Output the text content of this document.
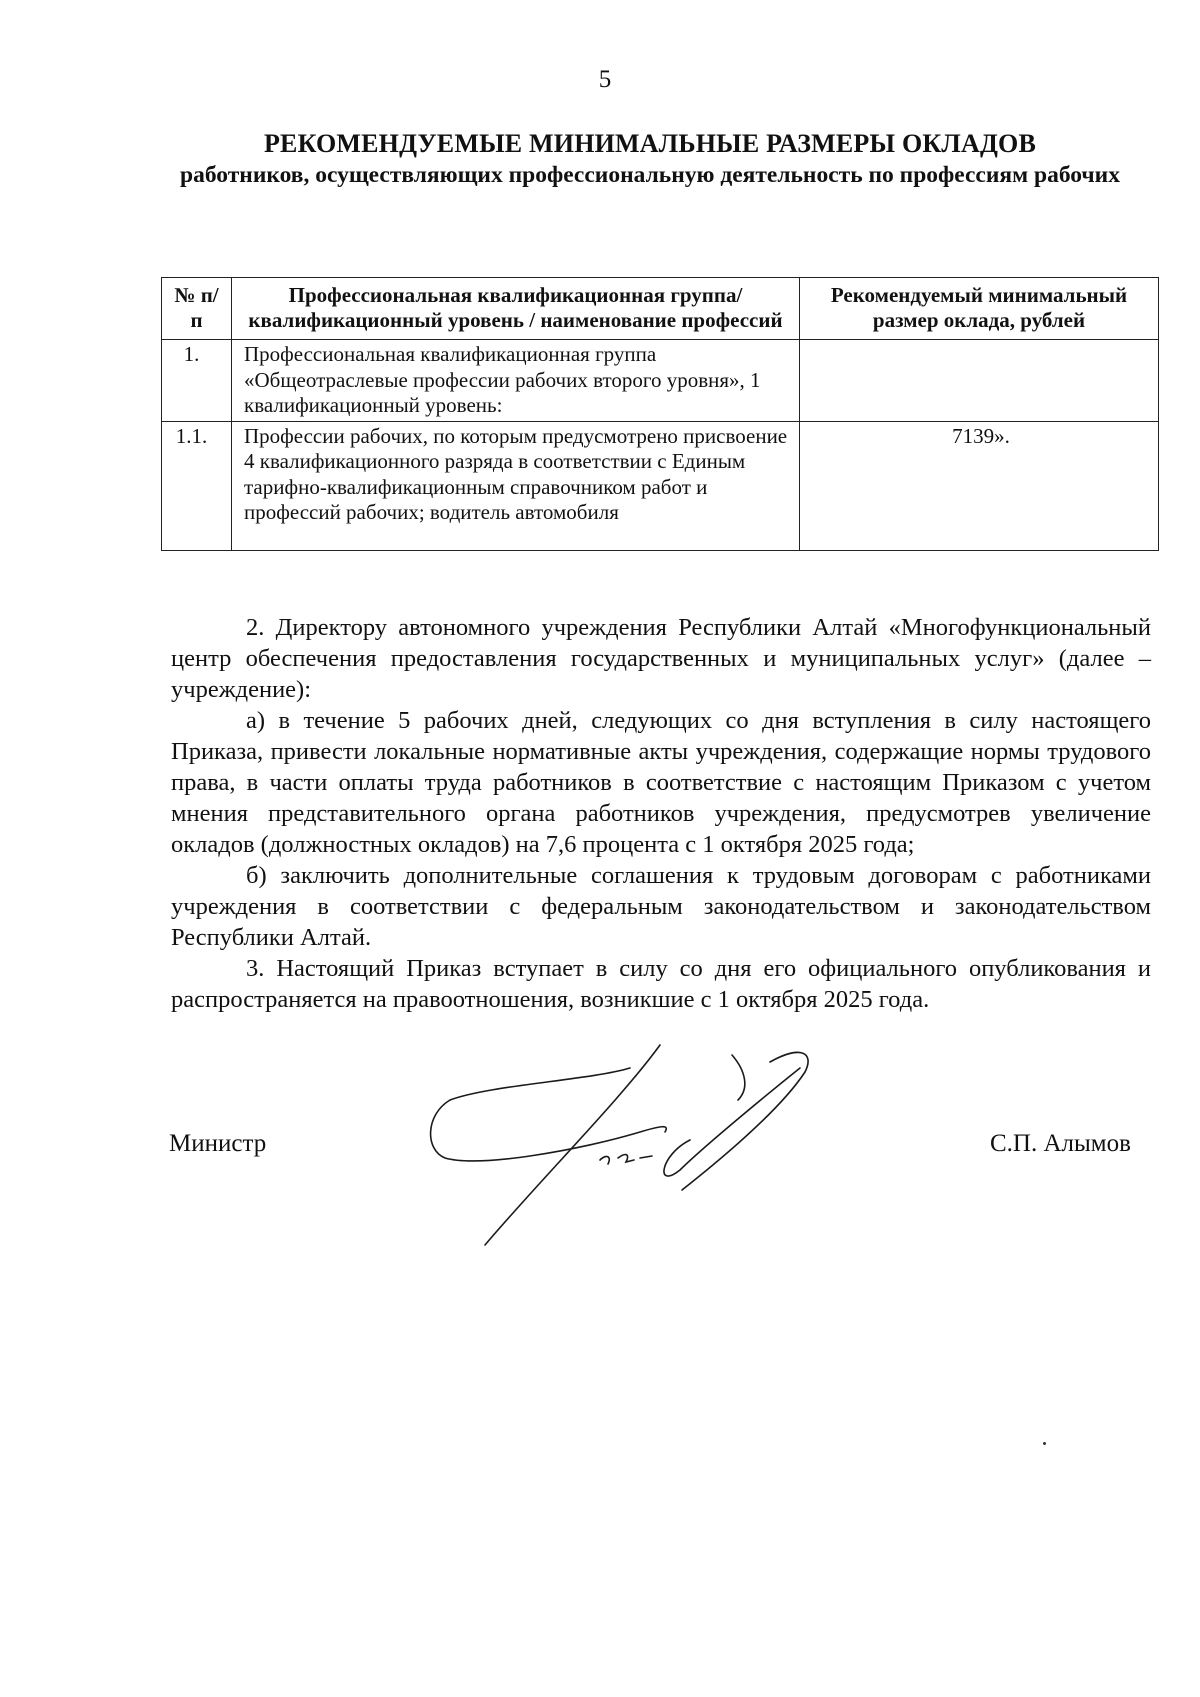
5
РЕКОМЕНДУЕМЫЕ МИНИМАЛЬНЫЕ РАЗМЕРЫ ОКЛАДОВ
работников, осуществляющих профессиональную деятельность по профессиям рабочих
№ п/п	Профессиональная квалификационная группа/квалификационный уровень / наименование профессий	Рекомендуемый минимальный размер оклада, рублей
1.	Профессиональная квалификационная группа «Общеотраслевые профессии рабочих второго уровня», 1 квалификационный уровень:	
1.1.	Профессии рабочих, по которым предусмотрено присвоение 4 квалификационного разряда в соответствии с Единым тарифно-квалификационным справочником работ и профессий рабочих; водитель автомобиля	7139».

2. Директору автономного учреждения Республики Алтай «Многофункциональный центр обеспечения предоставления государственных и муниципальных услуг» (далее – учреждение):

а) в течение 5 рабочих дней, следующих со дня вступления в силу настоящего Приказа, привести локальные нормативные акты учреждения, содержащие нормы трудового права, в части оплаты труда работников в соответствие с настоящим Приказом с учетом мнения представительного органа работников учреждения, предусмотрев увеличение окладов (должностных окладов) на 7,6 процента с 1 октября 2025 года;

б) заключить дополнительные соглашения к трудовым договорам с работниками учреждения в соответствии с федеральным законодательством и законодательством Республики Алтай.

3. Настоящий Приказ вступает в силу со дня его официального опубликования и распространяется на правоотношения, возникшие с 1 октября 2025 года.

Министр	С.П. Алымов
